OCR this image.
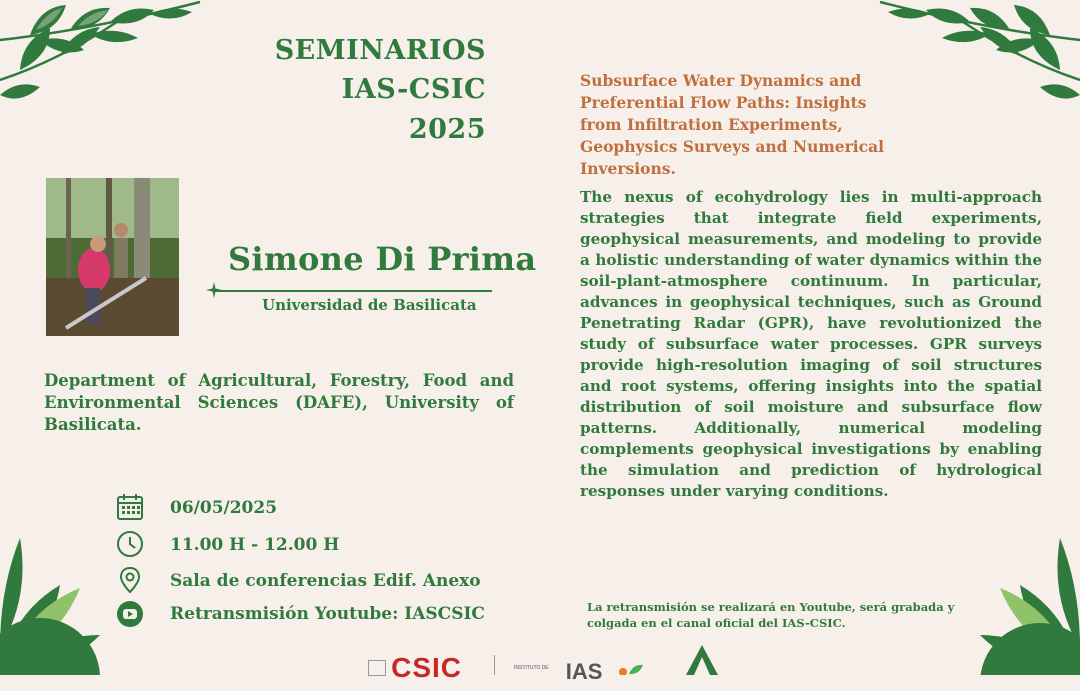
SEMINARIOS
IAS-CSIC
2025
Simone Di Prima
Universidad de Basilicata
Department of Agricultural, Forestry, Food and Environmental Sciences (DAFE), University of Basilicata.
Subsurface Water Dynamics and Preferential Flow Paths: Insights from Infiltration Experiments, Geophysics Surveys and Numerical Inversions.
The nexus of ecohydrology lies in multi-approach strategies that integrate field experiments, geophysical measurements, and modeling to provide a holistic understanding of water dynamics within the soil-plant-atmosphere continuum. In particular, advances in geophysical techniques, such as Ground Penetrating Radar (GPR), have revolutionized the study of subsurface water processes. GPR surveys provide high-resolution imaging of soil structures and root systems, offering insights into the spatial distribution of soil moisture and subsurface flow patterns. Additionally, numerical modeling complements geophysical investigations by enabling the simulation and prediction of hydrological responses under varying conditions.
06/05/2025
11.00 H - 12.00 H
Sala de conferencias Edif. Anexo
Retransmisión Youtube: IASCSIC	La retransmisión se realizará en Youtube, será grabada y colgada en el canal oficial del IAS-CSIC.
CSIC	$^{INSTITUTO DE}$ IAS
